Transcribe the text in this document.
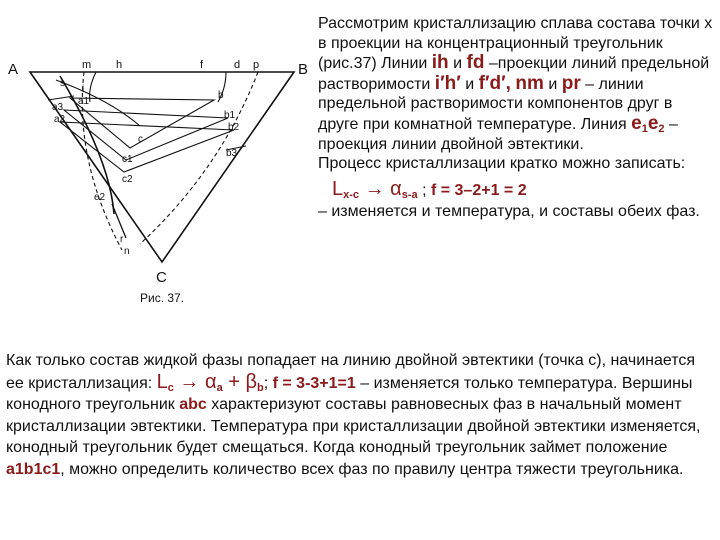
A	B
C
m h	f	d p
s
a1
a3
a2
i
b
b1
b2
b3
c
c1
c2
e2
r
n
Рис. 37.

Рассмотрим кристаллизацию сплава состава точки х в проекции на концентрационный треугольник (рис.37) Линии ih и fd –проекции линий предельной растворимости i′h′ и f′d′, nm и pr – линии предельной растворимости компонентов друг в друге при комнатной температуре. Линия $е_1е_2$ – проекция линии двойной эвтектики.

Процесс кристаллизации кратко можно записать:

$L_{x-c} \to \alpha_{s-a}$ ; f = 3–2+1 = 2
– изменяется и температура, и составы обеих фаз.

Как только состав жидкой фазы попадает на линию двойной эвтектики (точка с), начинается ее кристаллизация: $L_c \to \alpha_a + \beta_b$; f = 3-3+1=1 – изменяется только температура. Вершины конодного треугольник abc характеризуют составы равновесных фаз в начальный момент кристаллизации эвтектики. Температура при кристаллизации двойной эвтектики изменяется, конодный треугольник будет смещаться. Когда конодный треугольник займет положение a1b1c1, можно определить количество всех фаз по правилу центра тяжести треугольника.
